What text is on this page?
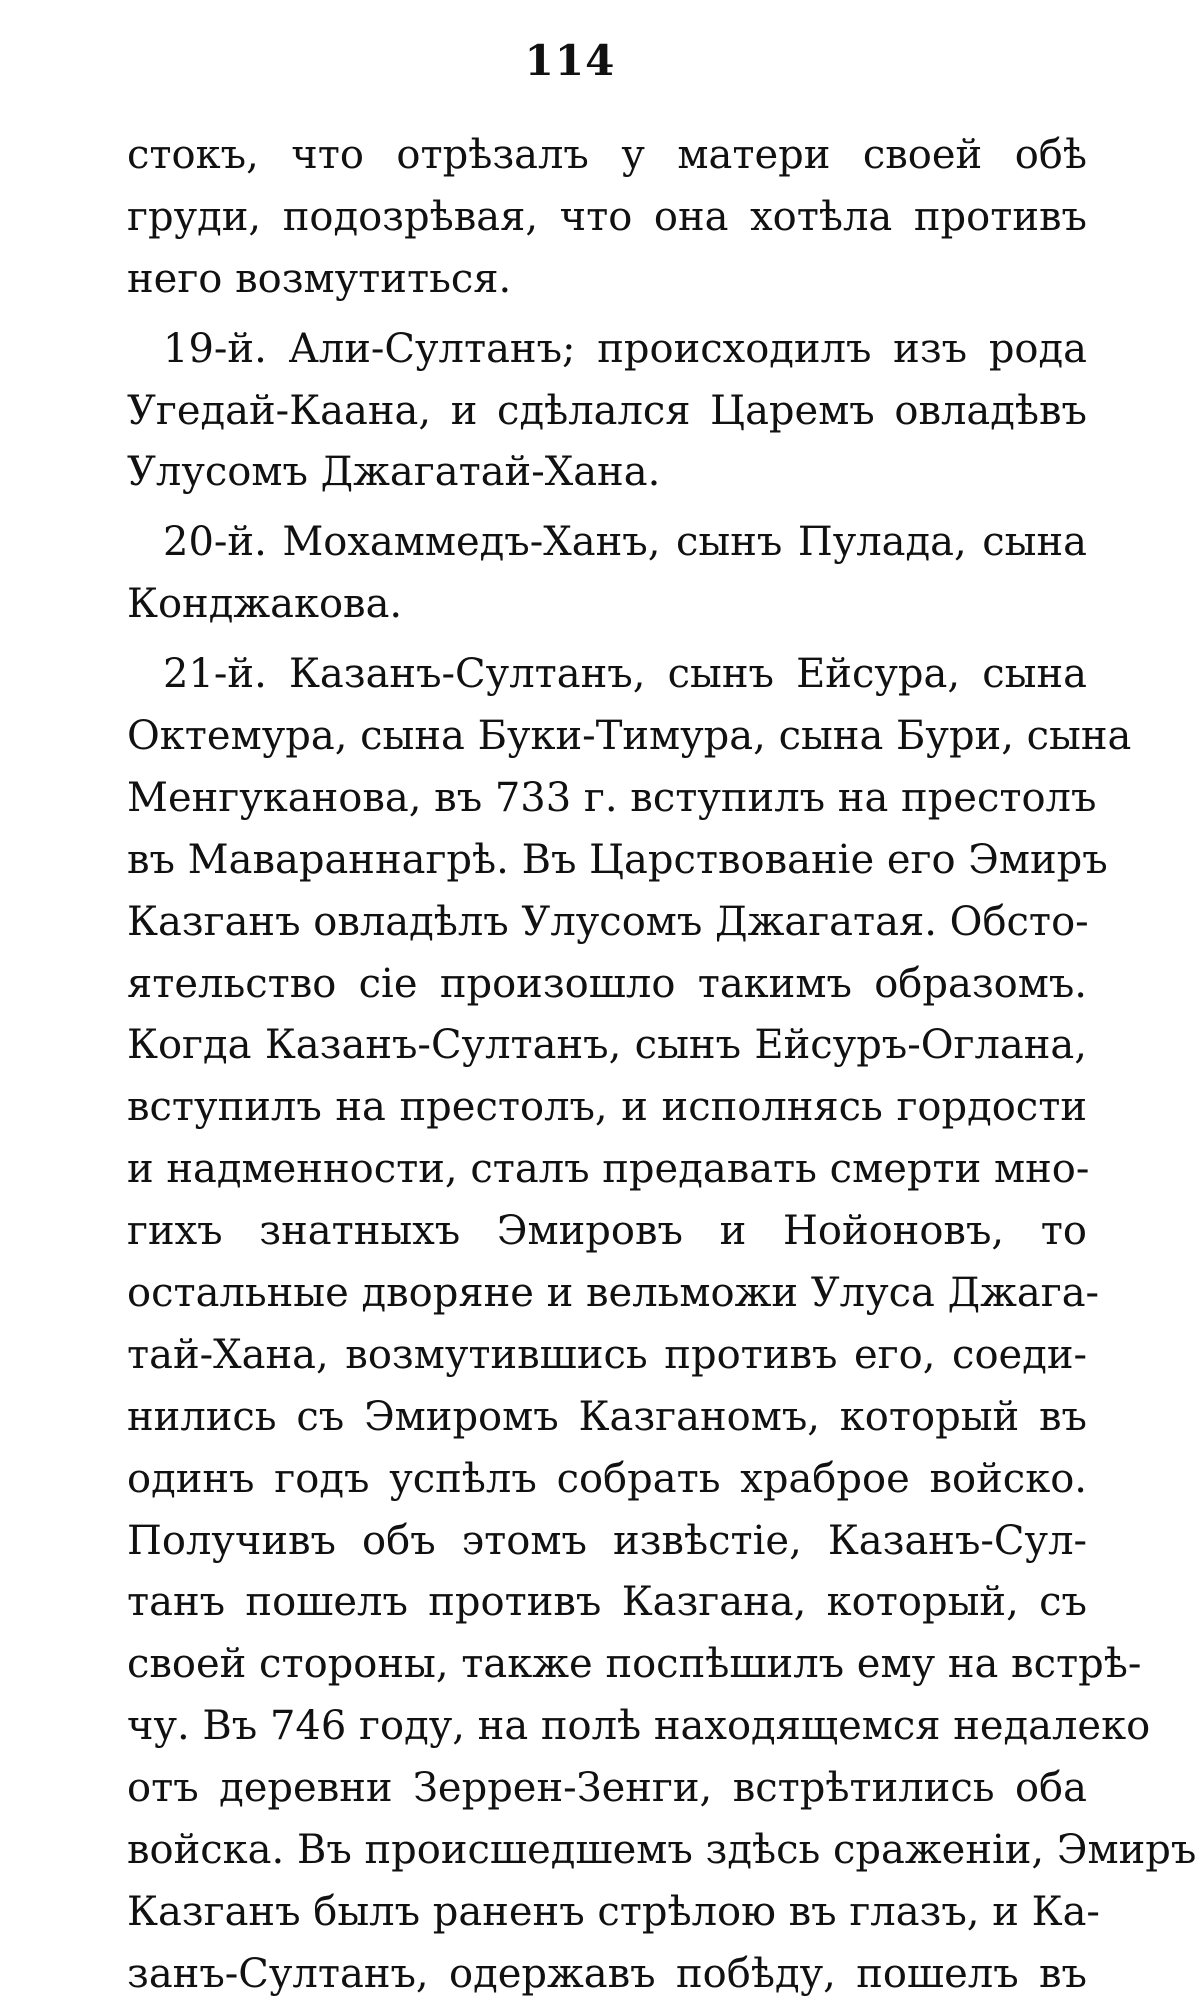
114
стокъ, что отрѣзалъ у матери своей обѣ
груди, подозрѣвая, что она хотѣла противъ
него возмутиться.
19-й. Али-Султанъ; происходилъ изъ рода
Угедай-Каана, и сдѣлался Царемъ овладѣвъ
Улусомъ Джагатай-Хана.
20-й. Мохаммедъ-Ханъ, сынъ Пулада, сына
Конджакова.
21-й. Казанъ-Султанъ, сынъ Ейсура, сына
Октемура, сына Буки-Тимура, сына Бури, сына
Менгуканова, въ 733 г. вступилъ на престолъ
въ Мавараннагрѣ. Въ Царствованіе его Эмиръ
Казганъ овладѣлъ Улусомъ Джагатая. Обсто-
ятельство сіе произошло такимъ образомъ.
Когда Казанъ-Султанъ, сынъ Ейсуръ-Оглана,
вступилъ на престолъ, и исполнясь гордости
и надменности, сталъ предавать смерти мно-
гихъ знатныхъ Эмировъ и Нойоновъ, то
остальные дворяне и вельможи Улуса Джага-
тай-Хана, возмутившись противъ его, соеди-
нились съ Эмиромъ Казганомъ, который въ
одинъ годъ успѣлъ собрать храброе войско.
Получивъ объ этомъ извѣстіе, Казанъ-Сул-
танъ пошелъ противъ Казгана, который, съ
своей стороны, также поспѣшилъ ему на встрѣ-
чу. Въ 746 году, на полѣ находящемся недалеко
отъ деревни Зеррен-Зенги, встрѣтились оба
войска. Въ происшедшемъ здѣсь сраженіи, Эмиръ
Казганъ былъ раненъ стрѣлою въ глазъ, и Ка-
занъ-Султанъ, одержавъ побѣду, пошелъ въ
